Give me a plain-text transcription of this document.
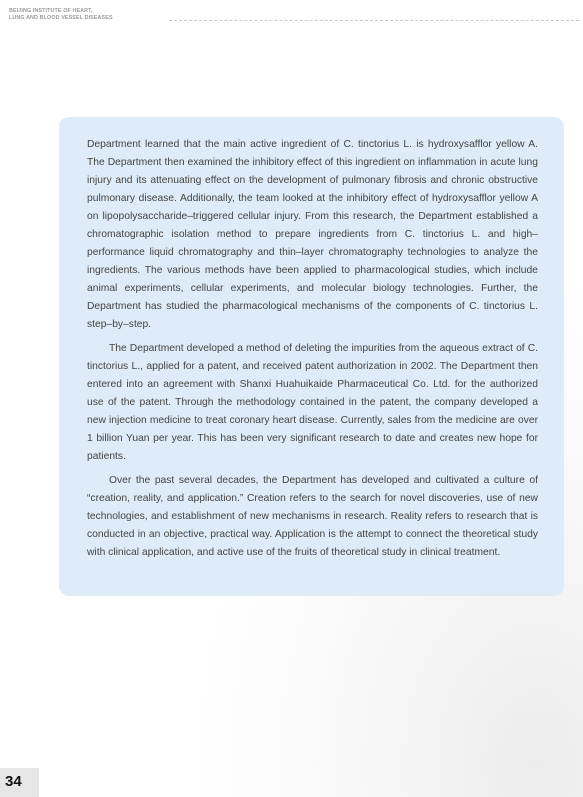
BEIJING INSTITUTE OF HEART,
LUNG AND BLOOD VESSEL DISEASES

Department learned that the main active ingredient of C. tinctorius L. is hydroxysafflor yellow A. The Department then examined the inhibitory effect of this ingredient on inflammation in acute lung injury and its attenuating effect on the development of pulmonary fibrosis and chronic obstructive pulmonary disease. Additionally, the team looked at the inhibitory effect of hydroxysafflor yellow A on lipopolysaccharide–triggered cellular injury. From this research, the Department established a chromatographic isolation method to prepare ingredients from C. tinctorius L. and high–performance liquid chromatography and thin–layer chromatography technologies to analyze the ingredients. The various methods have been applied to pharmacological studies, which include animal experiments, cellular experiments, and molecular biology technologies. Further, the Department has studied the pharmacological mechanisms of the components of C. tinctorius L. step–by–step.

The Department developed a method of deleting the impurities from the aqueous extract of C. tinctorius L., applied for a patent, and received patent authorization in 2002. The Department then entered into an agreement with Shanxi Huahuikaide Pharmaceutical Co. Ltd. for the authorized use of the patent. Through the methodology contained in the patent, the company developed a new injection medicine to treat coronary heart disease. Currently, sales from the medicine are over 1 billion Yuan per year. This has been very significant research to date and creates new hope for patients.

Over the past several decades, the Department has developed and cultivated a culture of “creation, reality, and application.” Creation refers to the search for novel discoveries, use of new technologies, and establishment of new mechanisms in research. Reality refers to research that is conducted in an objective, practical way. Application is the attempt to connect the theoretical study with clinical application, and active use of the fruits of theoretical study in clinical treatment.

34
